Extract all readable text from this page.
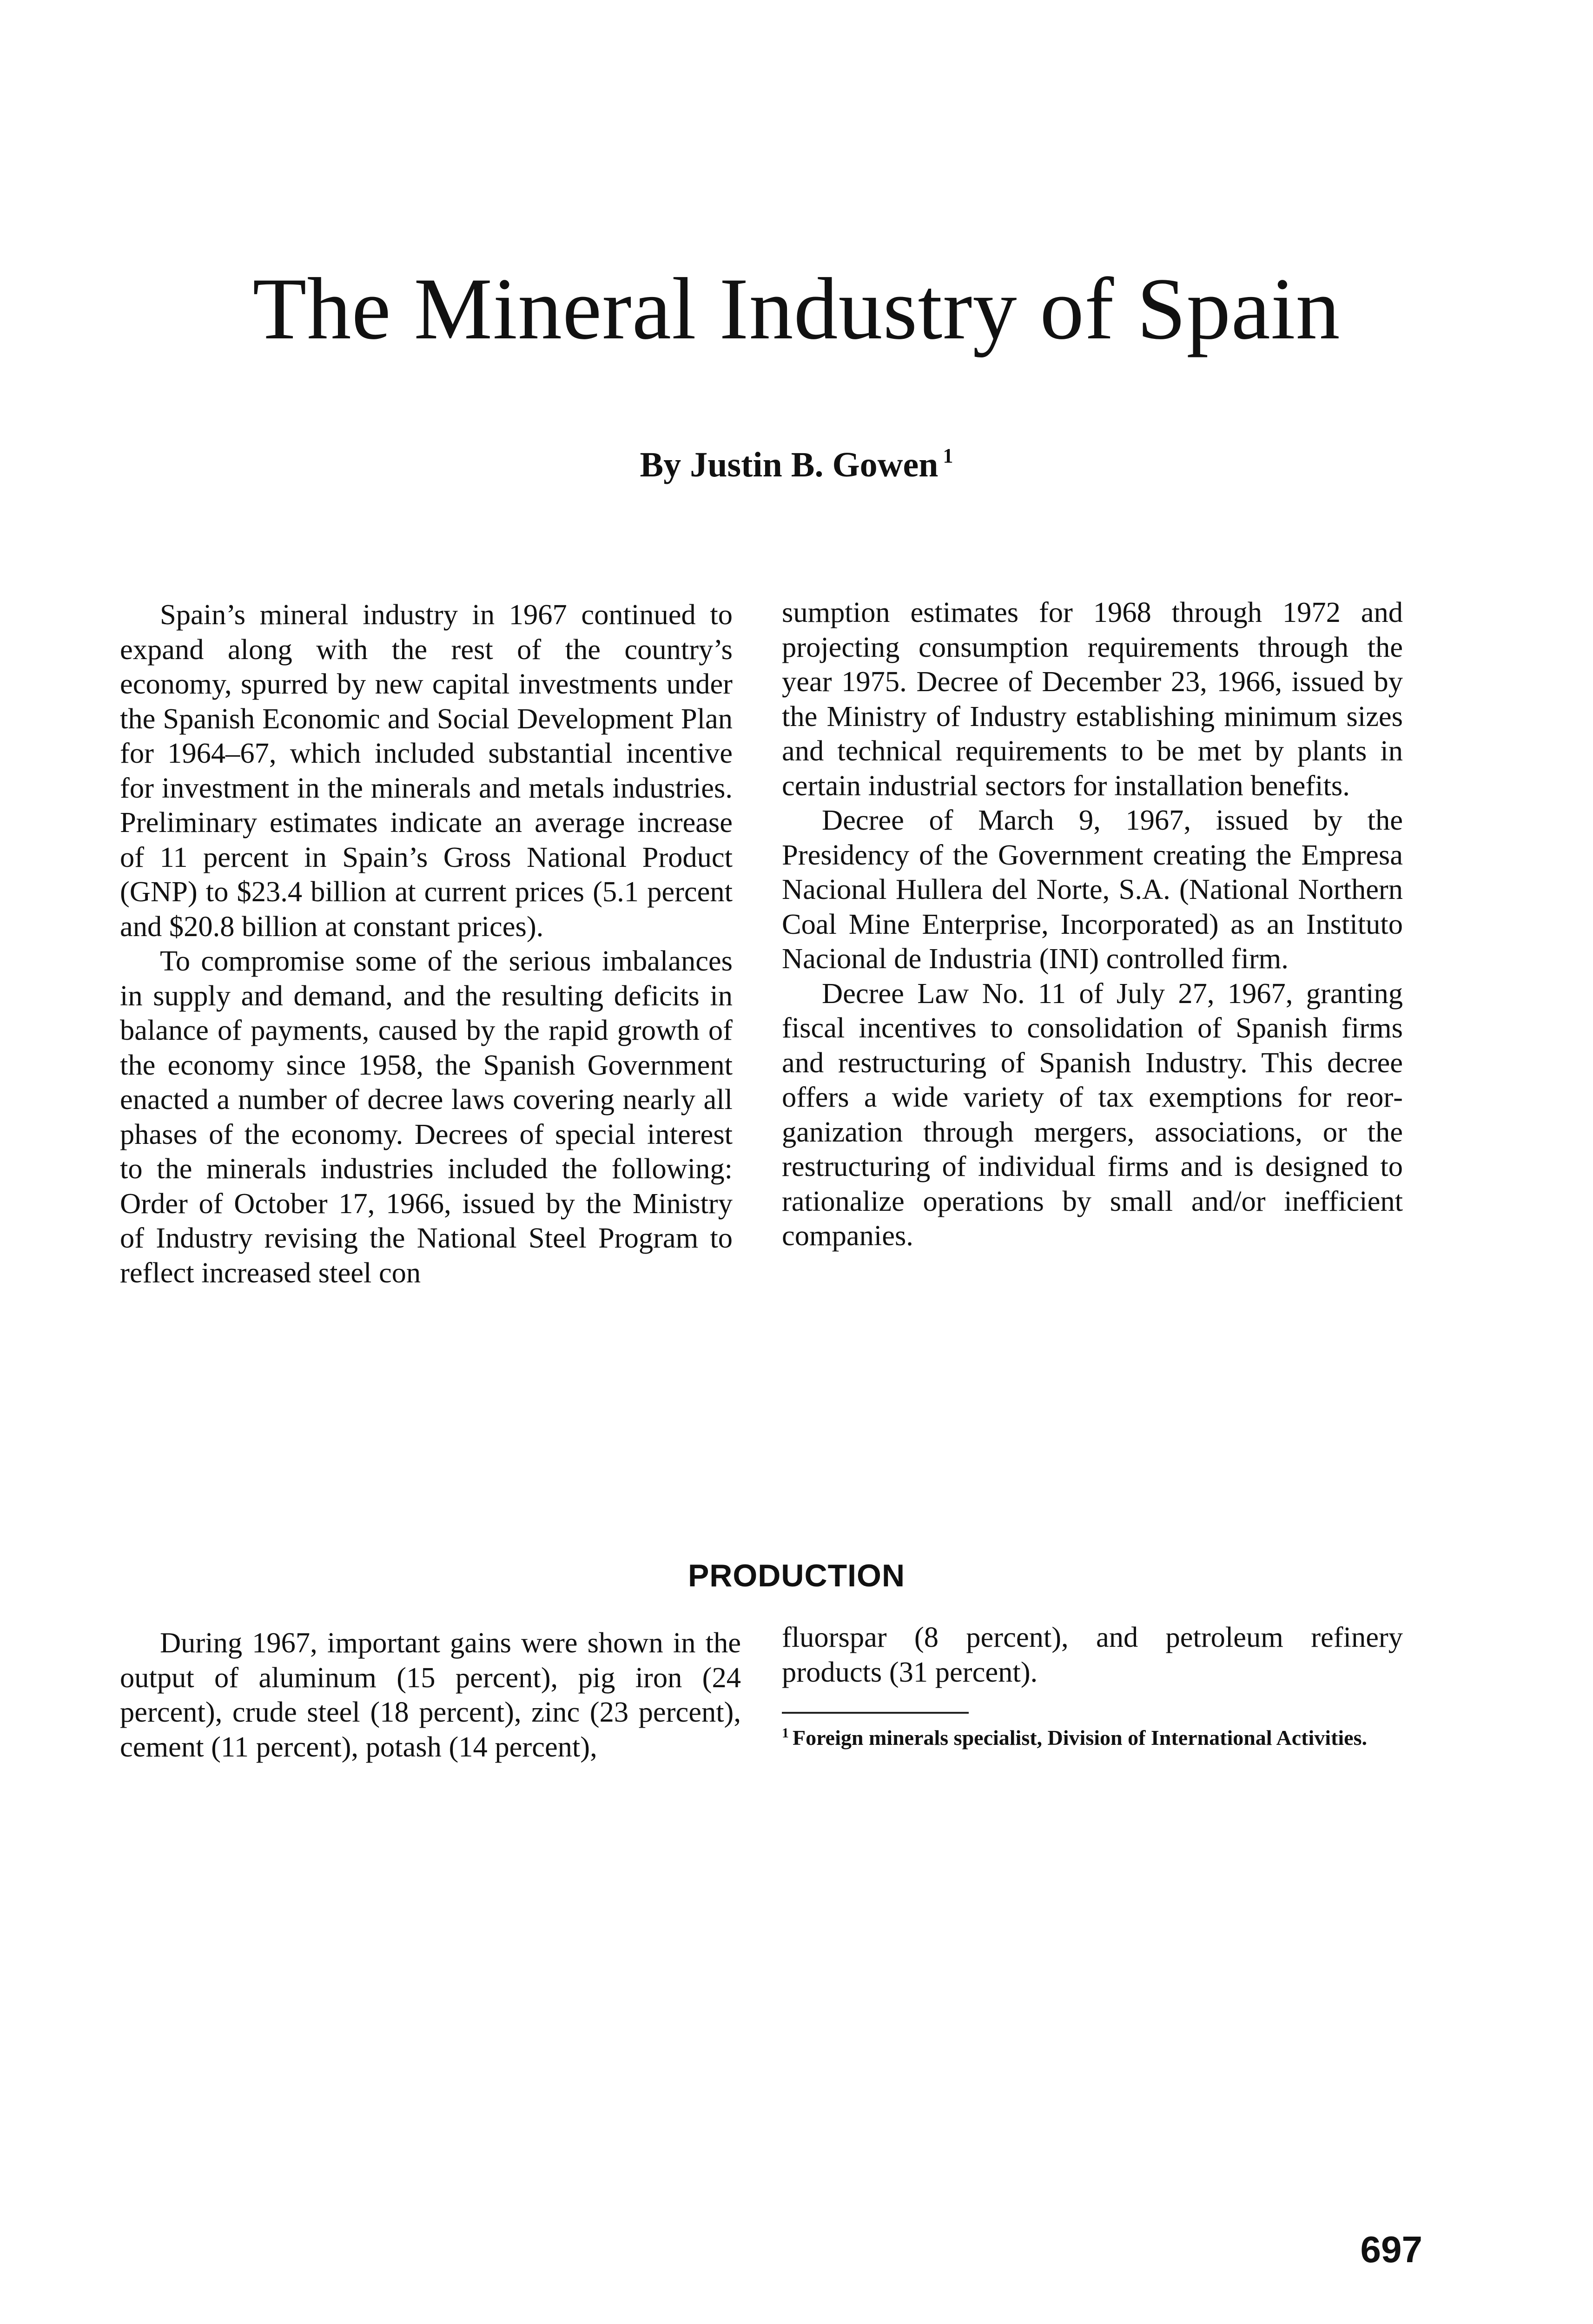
The Mineral Industry of Spain
By Justin B. Gowen $^1$

Spain’s mineral industry in 1967 continued to expand along with the rest of the country’s economy, spurred by new capital investments under the Spanish Economic and Social Development Plan for 1964–67, which included substantial incentive for investment in the minerals and metals industries. Preliminary estimates indicate an average increase of 11 percent in Spain’s Gross National Product (GNP) to $23.4 billion at current prices (5.1 percent and $20.8 billion at constant prices).

To compromise some of the serious imbalances in supply and demand, and the resulting deficits in balance of payments, caused by the rapid growth of the economy since 1958, the Spanish Government enacted a number of decree laws covering nearly all phases of the economy. Decrees of special interest to the minerals industries included the following: Order of October 17, 1966, issued by the Ministry of Industry revising the National Steel Program to reflect increased steel con

sumption estimates for 1968 through 1972 and projecting consumption requirements through the year 1975. Decree of December 23, 1966, issued by the Ministry of Industry establishing minimum sizes and technical requirements to be met by plants in certain industrial sectors for installation benefits.

Decree of March 9, 1967, issued by the Presidency of the Government creating the Empresa Nacional Hullera del Norte, S.A. (National Northern Coal Mine Enterprise, Incorporated) as an Instituto Nacional de Industria (INI) controlled firm.

Decree Law No. 11 of July 27, 1967, granting fiscal incentives to consolidation of Spanish firms and restructuring of Spanish Industry. This decree offers a wide variety of tax exemptions for reorganization through mergers, associations, or the restructuring of individual firms and is designed to rationalize operations by small and/or inefficient companies.

PRODUCTION

During 1967, important gains were shown in the output of aluminum (15 percent), pig iron (24 percent), crude steel (18 percent), zinc (23 percent), cement (11 percent), potash (14 percent),

fluorspar (8 percent), and petroleum refinery products (31 percent).

$^1$ Foreign minerals specialist, Division of International Activities.
697
